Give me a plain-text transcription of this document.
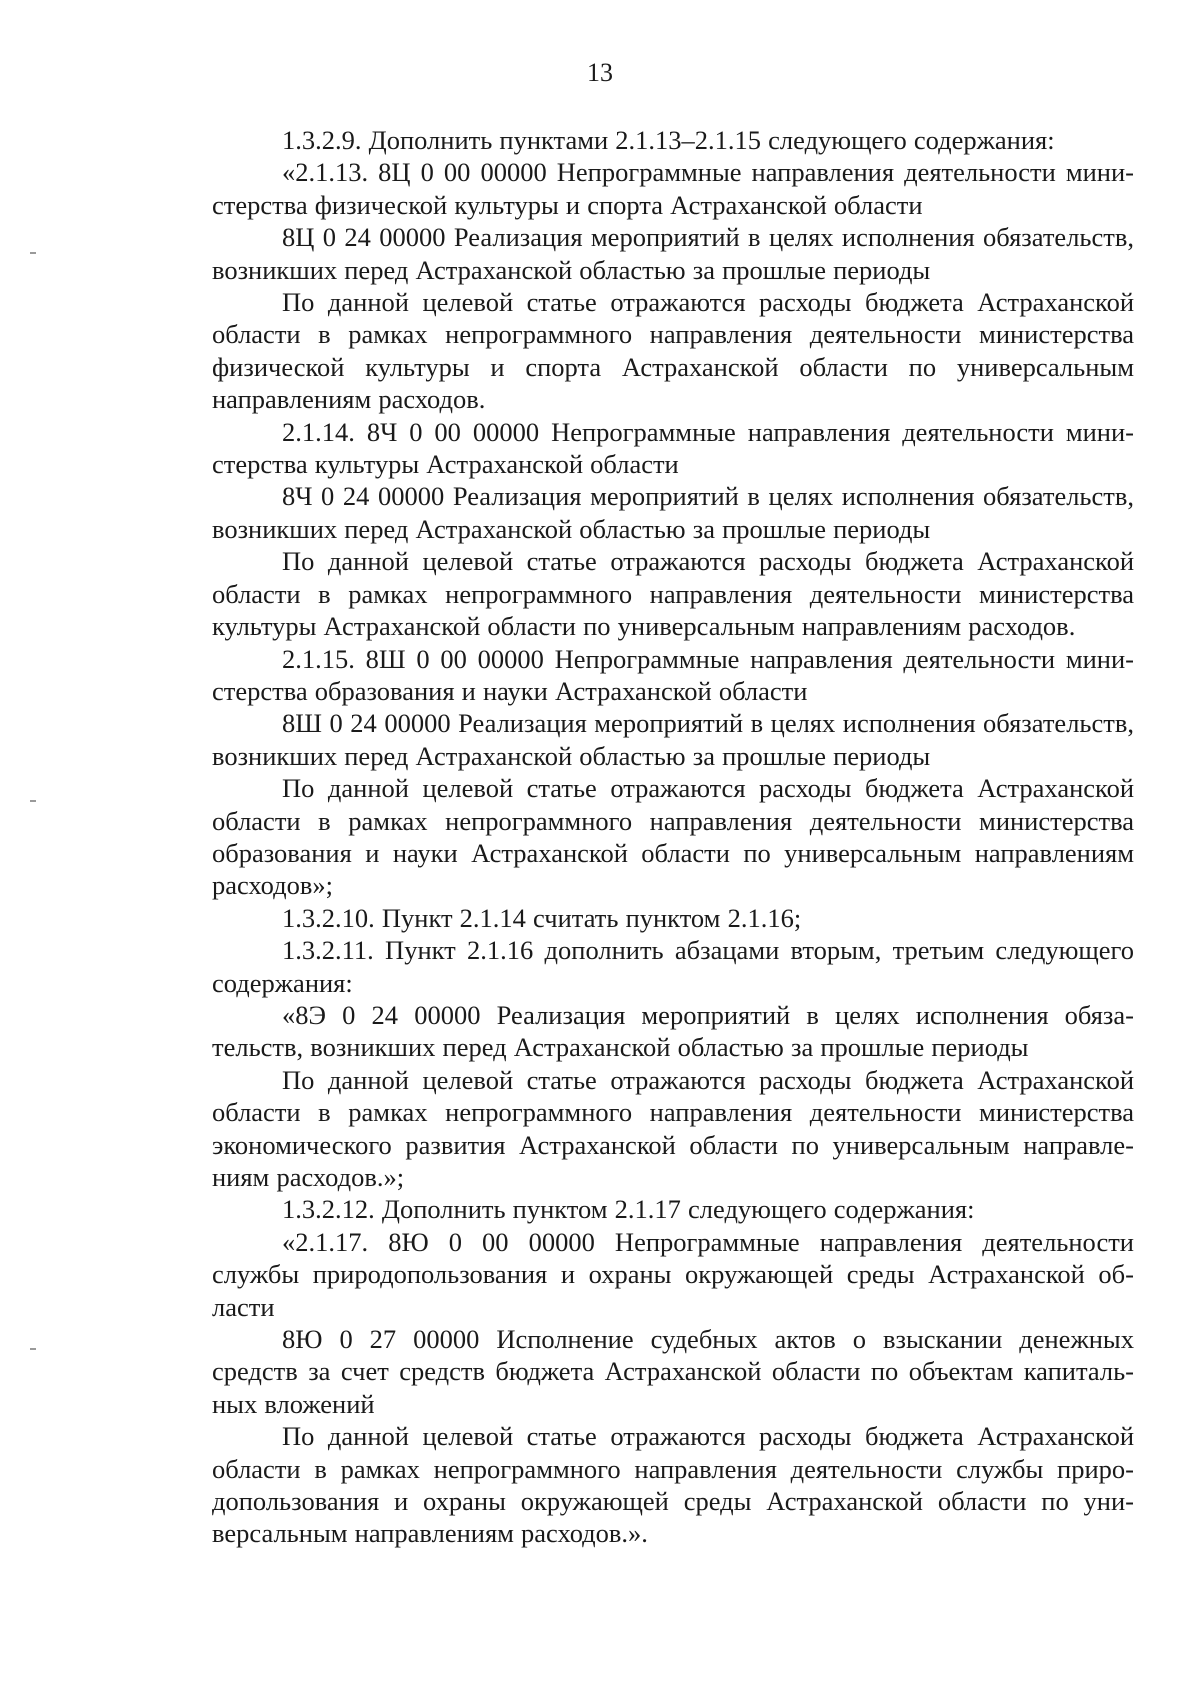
13

1.3.2.9. Дополнить пунктами 2.1.13–2.1.15 следующего содержания:

«2.1.13. 8Ц 0 00 00000 Непрограммные направления деятельности министерства физической культуры и спорта Астраханской области

8Ц 0 24 00000 Реализация мероприятий в целях исполнения обязательств, возникших перед Астраханской областью за прошлые периоды

По данной целевой статье отражаются расходы бюджета Астраханской области в рамках непрограммного направления деятельности министерства физической культуры и спорта Астраханской области по универсальным направлениям расходов.

2.1.14. 8Ч 0 00 00000 Непрограммные направления деятельности министерства культуры Астраханской области

8Ч 0 24 00000 Реализация мероприятий в целях исполнения обязательств, возникших перед Астраханской областью за прошлые периоды

По данной целевой статье отражаются расходы бюджета Астраханской области в рамках непрограммного направления деятельности министерства культуры Астраханской области по универсальным направлениям расходов.

2.1.15. 8Ш 0 00 00000 Непрограммные направления деятельности министерства образования и науки Астраханской области

8Ш 0 24 00000 Реализация мероприятий в целях исполнения обязательств, возникших перед Астраханской областью за прошлые периоды

По данной целевой статье отражаются расходы бюджета Астраханской области в рамках непрограммного направления деятельности министерства образования и науки Астраханской области по универсальным направлениям расходов»;

1.3.2.10. Пункт 2.1.14 считать пунктом 2.1.16;

1.3.2.11. Пункт 2.1.16 дополнить абзацами вторым, третьим следующего содержания:

«8Э 0 24 00000 Реализация мероприятий в целях исполнения обязательств, возникших перед Астраханской областью за прошлые периоды

По данной целевой статье отражаются расходы бюджета Астраханской области в рамках непрограммного направления деятельности министерства экономического развития Астраханской области по универсальным направлениям расходов.»;

1.3.2.12. Дополнить пунктом 2.1.17 следующего содержания:

«2.1.17. 8Ю 0 00 00000 Непрограммные направления деятельности службы природопользования и охраны окружающей среды Астраханской области

8Ю 0 27 00000 Исполнение судебных актов о взыскании денежных средств за счет средств бюджета Астраханской области по объектам капитальных вложений

По данной целевой статье отражаются расходы бюджета Астраханской области в рамках непрограммного направления деятельности службы природопользования и охраны окружающей среды Астраханской области по универсальным направлениям расходов.».
